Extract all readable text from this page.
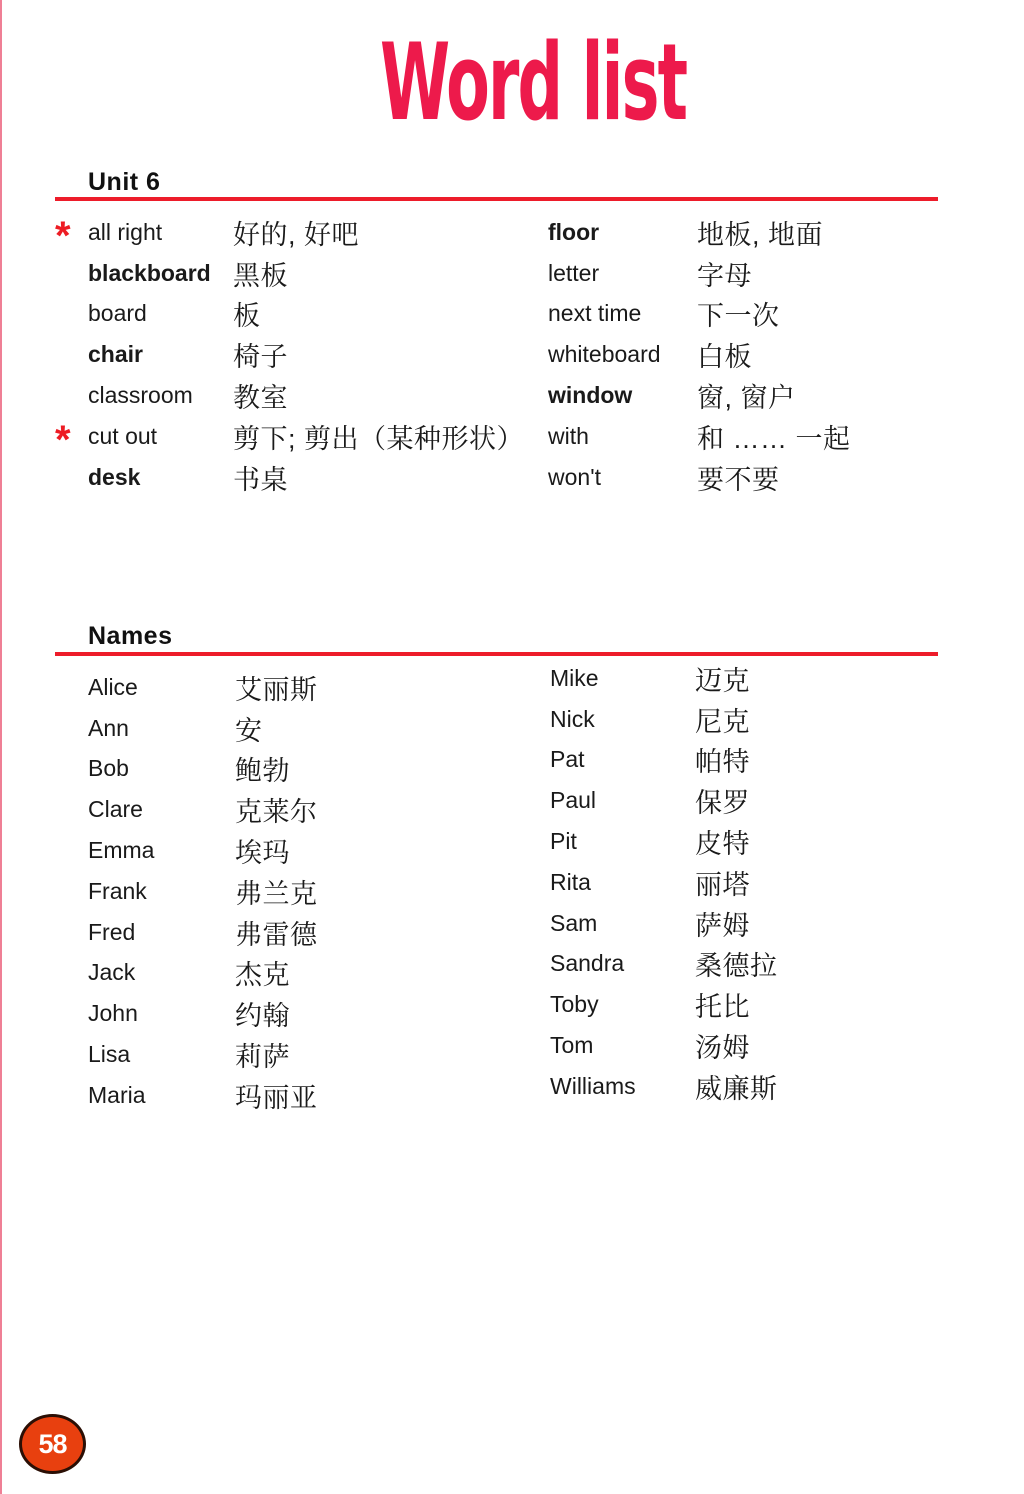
Word list
Unit 6
* all right	好的, 好吧
blackboard 黑板
board	板
chair	椅子
classroom	教室
* cut out	剪下; 剪出（某种形状）
desk	书桌
floor	地板, 地面
letter	字母
next time	下一次
whiteboard	白板
window	窗, 窗户
with	和 …… 一起
won't	要不要
Names
Alice	艾丽斯
Ann	安
Bob	鲍勃
Clare	克莱尔
Emma	埃玛
Frank	弗兰克
Fred	弗雷德
Jack	杰克
John	约翰
Lisa	莉萨
Maria	玛丽亚
Mike	迈克
Nick	尼克
Pat	帕特
Paul	保罗
Pit	皮特
Rita	丽塔
Sam	萨姆
Sandra	桑德拉
Toby	托比
Tom	汤姆
Williams	威廉斯
58
